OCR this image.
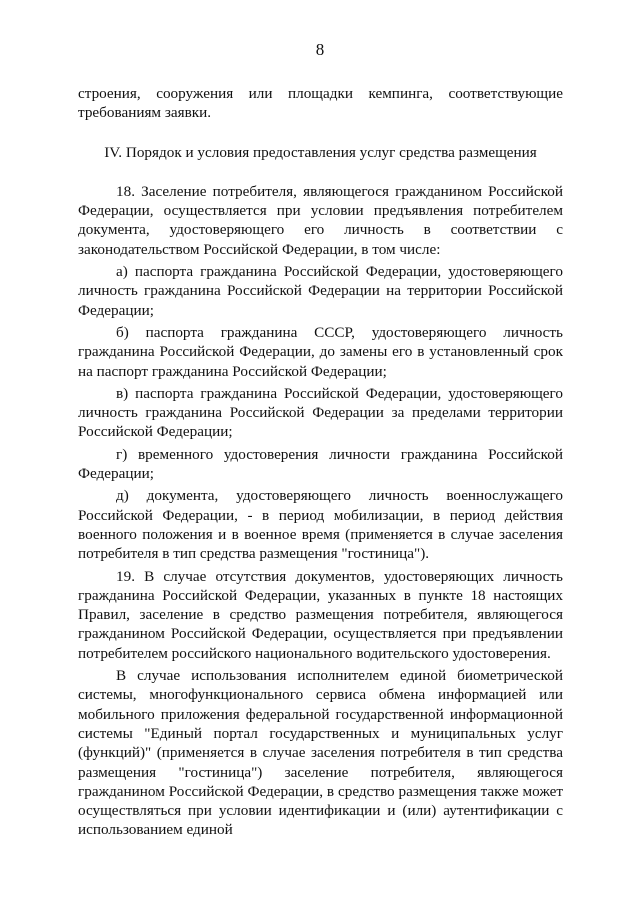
8

строения, сооружения или площадки кемпинга, соответствующие требованиям заявки.

IV. Порядок и условия предоставления услуг средства размещения

18. Заселение потребителя, являющегося гражданином Российской Федерации, осуществляется при условии предъявления потребителем документа, удостоверяющего его личность в соответствии с законодательством Российской Федерации, в том числе:

а) паспорта гражданина Российской Федерации, удостоверяющего личность гражданина Российской Федерации на территории Российской Федерации;

б) паспорта гражданина СССР, удостоверяющего личность гражданина Российской Федерации, до замены его в установленный срок на паспорт гражданина Российской Федерации;

в) паспорта гражданина Российской Федерации, удостоверяющего личность гражданина Российской Федерации за пределами территории Российской Федерации;

г) временного удостоверения личности гражданина Российской Федерации;

д) документа, удостоверяющего личность военнослужащего Российской Федерации, - в период мобилизации, в период действия военного положения и в военное время (применяется в случае заселения потребителя в тип средства размещения "гостиница").

19. В случае отсутствия документов, удостоверяющих личность гражданина Российской Федерации, указанных в пункте 18 настоящих Правил, заселение в средство размещения потребителя, являющегося гражданином Российской Федерации, осуществляется при предъявлении потребителем российского национального водительского удостоверения.

В случае использования исполнителем единой биометрической системы, многофункционального сервиса обмена информацией или мобильного приложения федеральной государственной информационной системы "Единый портал государственных и муниципальных услуг (функций)" (применяется в случае заселения потребителя в тип средства размещения "гостиница") заселение потребителя, являющегося гражданином Российской Федерации, в средство размещения также может осуществляться при условии идентификации и (или) аутентификации с использованием единой
